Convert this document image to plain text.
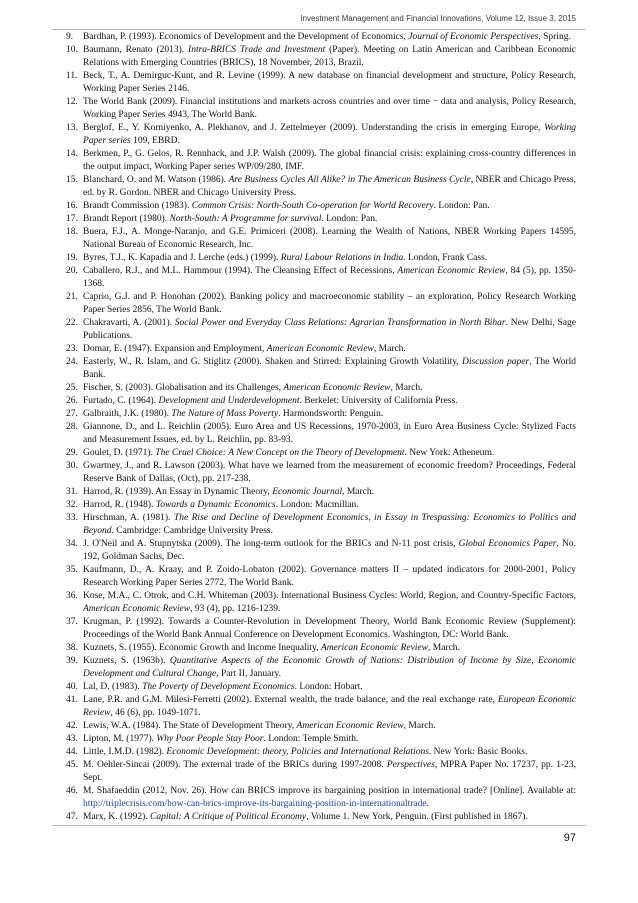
Investment Management and Financial Innovations, Volume 12, Issue 3, 2015
9. Bardhan, P. (1993). Economics of Development and the Development of Economics, Journal of Economic Perspectives, Spring.
10. Baumann, Renato (2013). Intra-BRICS Trade and Investment (Paper). Meeting on Latin American and Caribbean Economic Relations with Emerging Countries (BRICS), 18 November, 2013, Brazil.
11. Beck, T., A. Demirguc-Kunt, and R. Levine (1999). A new database on financial development and structure, Policy Research, Working Paper Series 2146.
12. The World Bank (2009). Financial institutions and markets across countries and over time − data and analysis, Policy Research, Working Paper Series 4943, The World Bank.
13. Berglof, E., Y. Korniyenko, A. Plekhanov, and J. Zettelmeyer (2009). Understanding the crisis in emerging Europe, Working Paper series 109, EBRD.
14. Berkmen, P., G. Gelos, R. Rennhack, and J.P. Walsh (2009). The global financial crisis: explaining cross-country differences in the output impact, Working Paper series WP/09/280, IMF.
15. Blanchard, O. and M. Watson (1986). Are Business Cycles All Alike? in The American Business Cycle, NBER and Chicago Press, ed. by R. Gordon. NBER and Chicago University Press.
16. Brandt Commission (1983). Common Crisis: North-South Co-operation for World Recovery. London: Pan.
17. Brandt Report (1980). North-South: A Programme for survival. London: Pan.
18. Buera, F.J., A. Monge-Naranjo, and G.E. Primiceri (2008). Learning the Wealth of Nations, NBER Working Papers 14595, National Bureau of Economic Research, Inc.
19. Byres, T.J., K. Kapadia and J. Lerche (eds.) (1999). Rural Labour Relations in India. London, Frank Cass.
20. Caballero, R.J., and M.L. Hammour (1994). The Cleansing Effect of Recessions, American Economic Review, 84 (5), pp. 1350-1368.
21. Caprio, G.J. and P. Honohan (2002). Banking policy and macroeconomic stability – an exploration, Policy Research Working Paper Series 2856, The World Bank.
22. Chakravarti, A. (2001). Social Power and Everyday Class Relations: Agrarian Transformation in North Bihar. New Delhi, Sage Publications.
23. Domar, E. (1947). Expansion and Employment, American Economic Review, March.
24. Easterly, W., R. Islam, and G. Stiglitz (2000). Shaken and Stirred: Explaining Growth Volatility, Discussion paper, The World Bank.
25. Fischer, S. (2003). Globalisation and its Challenges, American Economic Review, March.
26. Furtado, C. (1964). Development and Underdevelopment. Berkelet: University of California Press.
27. Galbraith, J.K. (1980). The Nature of Mass Poverty. Harmondsworth: Penguin.
28. Giannone, D., and L. Reichlin (2005). Euro Area and US Recessions, 1970-2003, in Euro Area Business Cycle: Stylized Facts and Measurement Issues, ed. by L. Reichlin, pp. 83-93.
29. Goulet, D. (1971). The Cruel Choice: A New Concept on the Theory of Development. New York: Atheneum.
30. Gwartney, J., and R. Lawson (2003). What have we learned from the measurement of economic freedom? Proceedings, Federal Reserve Bank of Dallas, (Oct), pp. 217-238.
31. Harrod, R. (1939). An Essay in Dynamic Theory, Economic Journal, March.
32. Harrod, R. (1948). Towards a Dynamic Economics. London: Macmillan.
33. Hirschman, A. (1981). The Rise and Decline of Development Economics, in Essay in Trespassing: Economics to Politics and Beyond. Cambridge: Cambridge University Press.
34. J. O'Neil and A. Stupnytska (2009). The long-term outlook for the BRICs and N-11 post crisis, Global Economics Paper, No. 192, Goldman Sachs, Dec.
35. Kaufmann, D., A. Kraay, and P. Zoido-Lobaton (2002). Governance matters II – updated indicators for 2000-2001, Policy Research Working Paper Series 2772, The World Bank.
36. Kose, M.A., C. Otrok, and C.H. Whiteman (2003). International Business Cycles: World, Region, and Country-Specific Factors, American Economic Review, 93 (4), pp. 1216-1239.
37. Krugman, P. (1992). Towards a Counter-Revolution in Development Theory, World Bank Economic Review (Supplement): Proceedings of the World Bank Annual Conference on Development Economics. Washington, DC: World Bank.
38. Kuznets, S. (1955). Economic Growth and Income Inequality, American Economic Review, March.
39. Kuznets, S. (1963b). Quantitative Aspects of the Economic Growth of Nations: Distribution of Income by Size, Economic Development and Cultural Change, Part II, January.
40. Lal, D. (1983). The Poverty of Development Economics. London: Hobart.
41. Lane, P.R. and G.M. Milesi-Ferretti (2002). External wealth, the trade balance, and the real exchange rate, European Economic Review, 46 (6), pp. 1049-1071.
42. Lewis, W.A. (1984). The State of Development Theory, American Economic Review, March.
43. Lipton, M. (1977). Why Poor People Stay Poor. London: Temple Smith.
44. Little, I.M.D. (1982). Economic Development: theory, Policies and International Relations. New York: Basic Books.
45. M. Oehler-Sincai (2009). The external trade of the BRICs during 1997-2008. Perspectives, MPRA Paper No. 17237, pp. 1-23, Sept.
46. M. Shafaeddin (2012, Nov. 26). How can BRICS improve its bargaining position in international trade? [Online]. Available at: http://triplecrisis.com/how-can-brics-improve-its-bargaining-position-in-internationaltrade.
47. Marx, K. (1992). Capital: A Critique of Political Economy, Volume 1. New York, Penguin. (First published in 1867).
97
